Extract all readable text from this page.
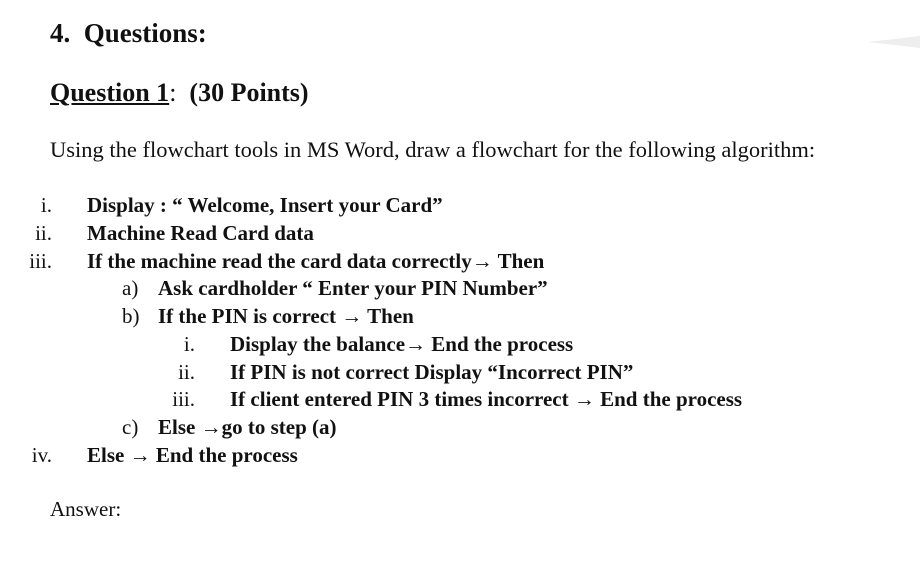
4. Questions:
Question 1: (30 Points)
Using the flowchart tools in MS Word, draw a flowchart for the following algorithm:
i. Display : “ Welcome, Insert your Card”
ii. Machine Read Card data
iii. If the machine read the card data correctly→ Then
a) Ask cardholder “ Enter your PIN Number”
b) If the PIN is correct → Then
i. Display the balance→ End the process
ii. If PIN is not correct Display “Incorrect PIN”
iii. If client entered PIN 3 times incorrect → End the process
c) Else →go to step (a)
iv. Else → End the process
Answer:
